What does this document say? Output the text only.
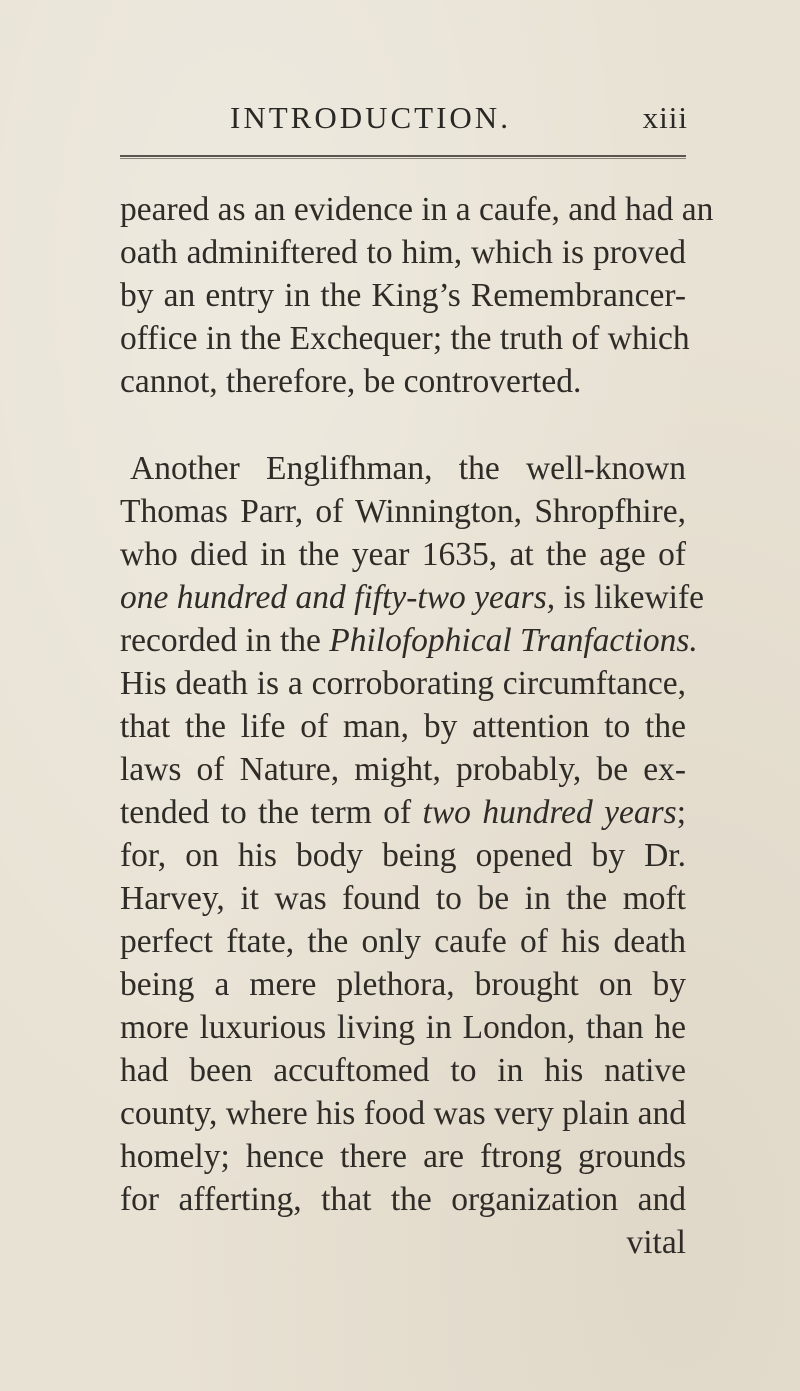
INTRODUCTION.	xiii
peared as an evidence in a caufe, and had an
oath adminiftered to him, which is proved
by an entry in the King’s Remembrancer-
office in the Exchequer; the truth of which
cannot, therefore, be controverted.
Another Englifhman, the well-known
Thomas Parr, of Winnington, Shropfhire,
who died in the year 1635, at the age of
one hundred and fifty-two years, is likewife
recorded in the Philofophical Tranfactions.
His death is a corroborating circumftance,
that the life of man, by attention to the
laws of Nature, might, probably, be ex-
tended to the term of two hundred years;
for, on his body being opened by Dr.
Harvey, it was found to be in the moft
perfect ftate, the only caufe of his death
being a mere plethora, brought on by
more luxurious living in London, than he
had been accuftomed to in his native
county, where his food was very plain and
homely; hence there are ftrong grounds
for afferting, that the organization and
vital
